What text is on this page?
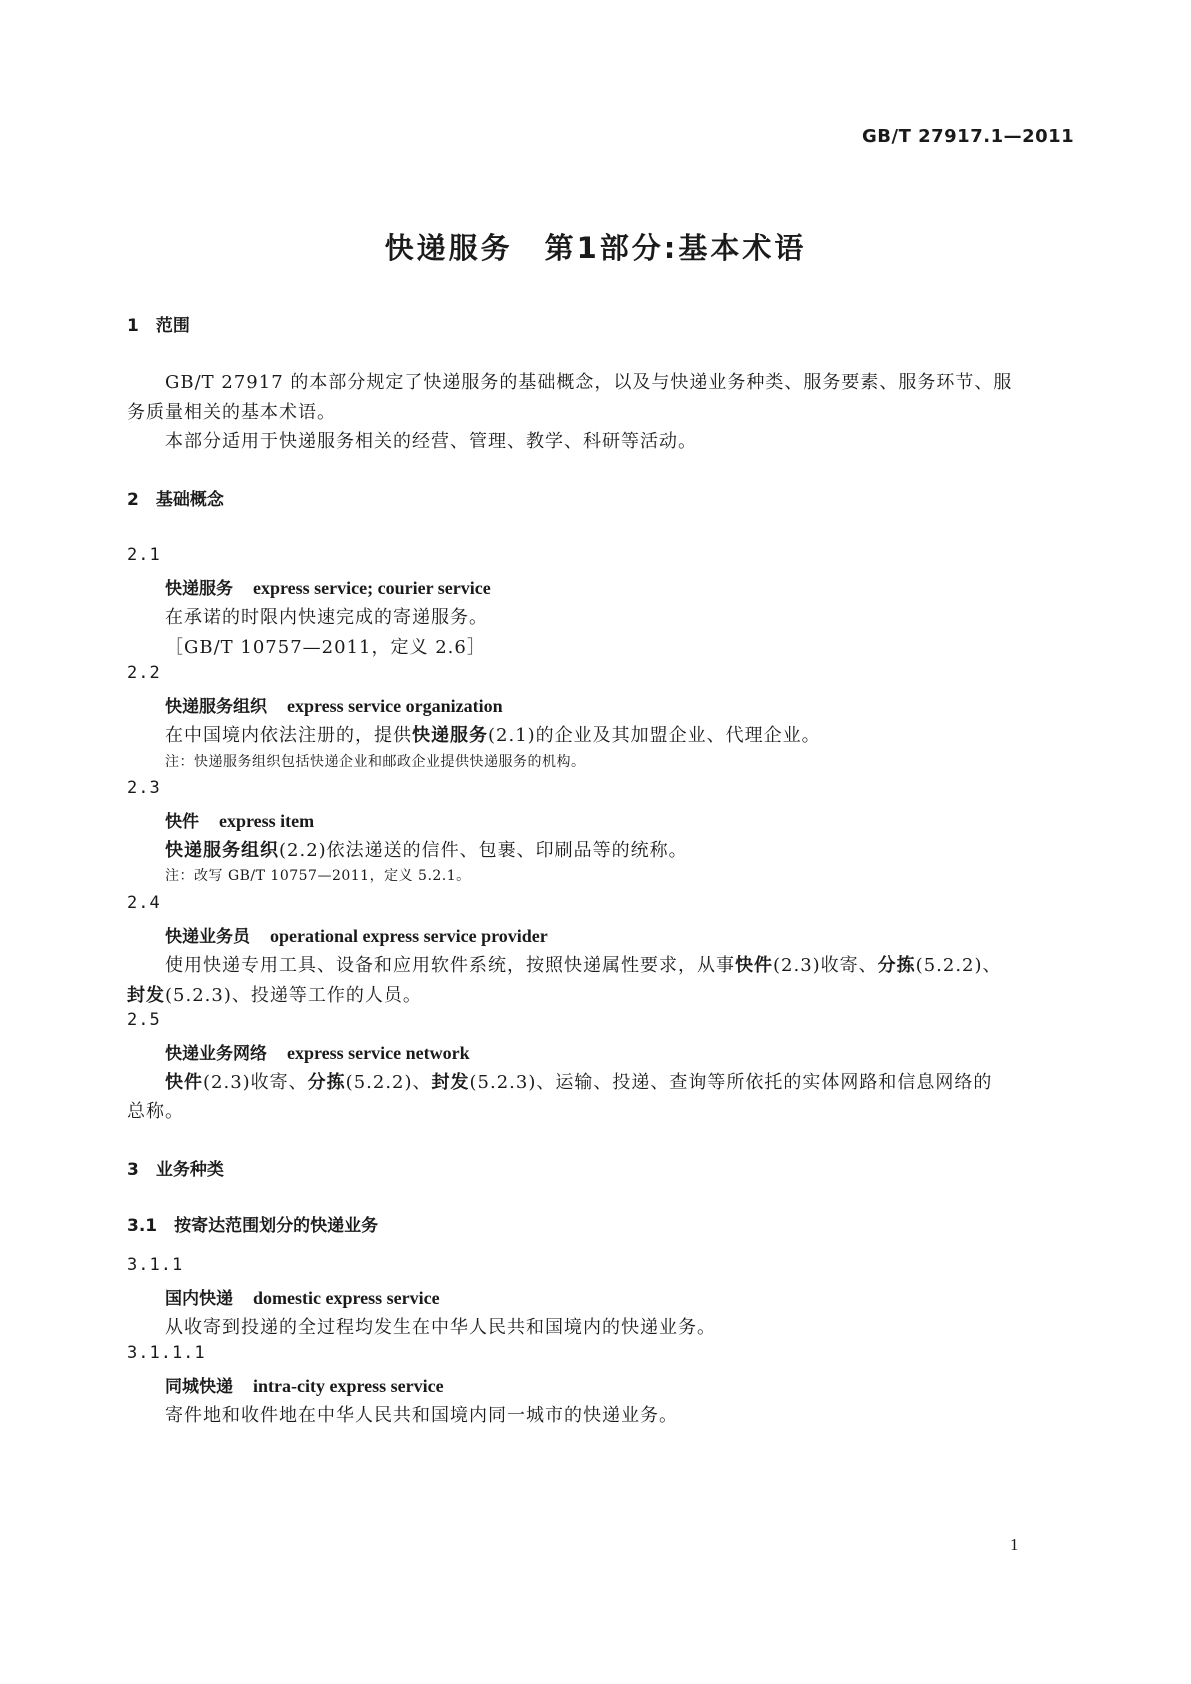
GB/T 27917.1—2011
快递服务　第1部分:基本术语
1　范围
GB/T 27917 的本部分规定了快递服务的基础概念，以及与快递业务种类、服务要素、服务环节、服
务质量相关的基本术语。
本部分适用于快递服务相关的经营、管理、教学、科研等活动。
2　基础概念
2.1
快递服务 express service; courier service
在承诺的时限内快速完成的寄递服务。
［GB/T 10757—2011，定义 2.6］
2.2
快递服务组织 express service organization
在中国境内依法注册的，提供快递服务(2.1)的企业及其加盟企业、代理企业。
注：快递服务组织包括快递企业和邮政企业提供快递服务的机构。
2.3
快件 express item
快递服务组织(2.2)依法递送的信件、包裹、印刷品等的统称。
注：改写 GB/T 10757—2011，定义 5.2.1。
2.4
快递业务员 operational express service provider
使用快递专用工具、设备和应用软件系统，按照快递属性要求，从事快件(2.3)收寄、分拣(5.2.2)、
封发(5.2.3)、投递等工作的人员。
2.5
快递业务网络 express service network
快件(2.3)收寄、分拣(5.2.2)、封发(5.2.3)、运输、投递、查询等所依托的实体网路和信息网络的
总称。
3　业务种类
3.1　按寄达范围划分的快递业务
3.1.1
国内快递 domestic express service
从收寄到投递的全过程均发生在中华人民共和国境内的快递业务。
3.1.1.1
同城快递 intra-city express service
寄件地和收件地在中华人民共和国境内同一城市的快递业务。
1
